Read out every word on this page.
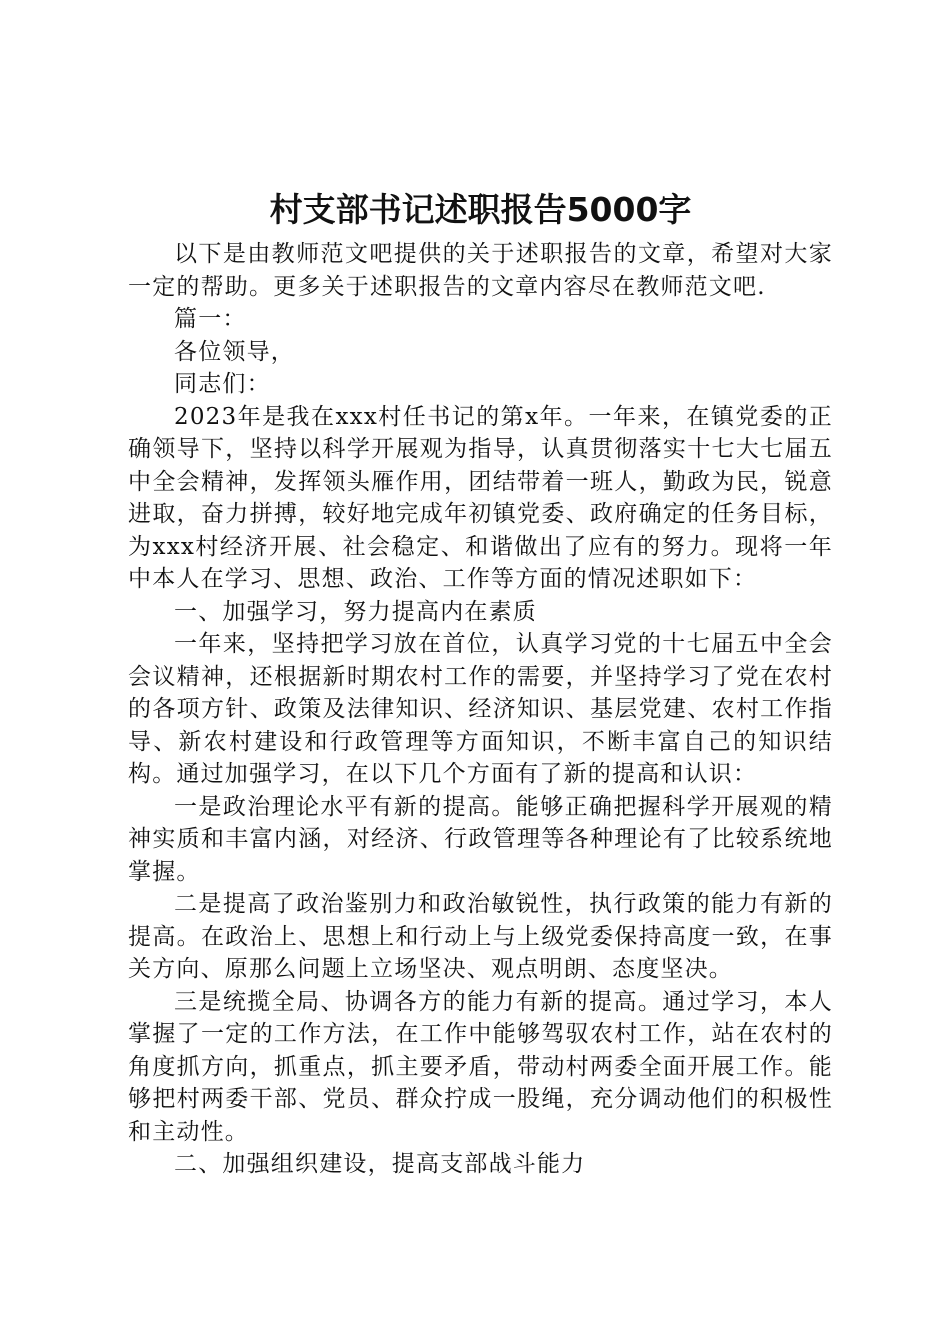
村支部书记述职报告5000字

以下是由教师范文吧提供的关于述职报告的文章，希望对大家一定的帮助。更多关于述职报告的文章内容尽在教师范文吧.

篇一：

各位领导，

同志们：

2023年是我在xxx村任书记的第x年。一年来，在镇党委的正确领导下，坚持以科学开展观为指导，认真贯彻落实十七大七届五中全会精神，发挥领头雁作用，团结带着一班人，勤政为民，锐意进取，奋力拼搏，较好地完成年初镇党委、政府确定的任务目标，为xxx村经济开展、社会稳定、和谐做出了应有的努力。现将一年中本人在学习、思想、政治、工作等方面的情况述职如下：

一、加强学习，努力提高内在素质

一年来，坚持把学习放在首位，认真学习党的十七届五中全会会议精神，还根据新时期农村工作的需要，并坚持学习了党在农村的各项方针、政策及法律知识、经济知识、基层党建、农村工作指导、新农村建设和行政管理等方面知识，不断丰富自己的知识结构。通过加强学习，在以下几个方面有了新的提高和认识：

一是政治理论水平有新的提高。能够正确把握科学开展观的精神实质和丰富内涵，对经济、行政管理等各种理论有了比较系统地掌握。

二是提高了政治鉴别力和政治敏锐性，执行政策的能力有新的提高。在政治上、思想上和行动上与上级党委保持高度一致，在事关方向、原那么问题上立场坚决、观点明朗、态度坚决。

三是统揽全局、协调各方的能力有新的提高。通过学习，本人掌握了一定的工作方法，在工作中能够驾驭农村工作，站在农村的角度抓方向，抓重点，抓主要矛盾，带动村两委全面开展工作。能够把村两委干部、党员、群众拧成一股绳，充分调动他们的积极性和主动性。

二、加强组织建设，提高支部战斗能力
